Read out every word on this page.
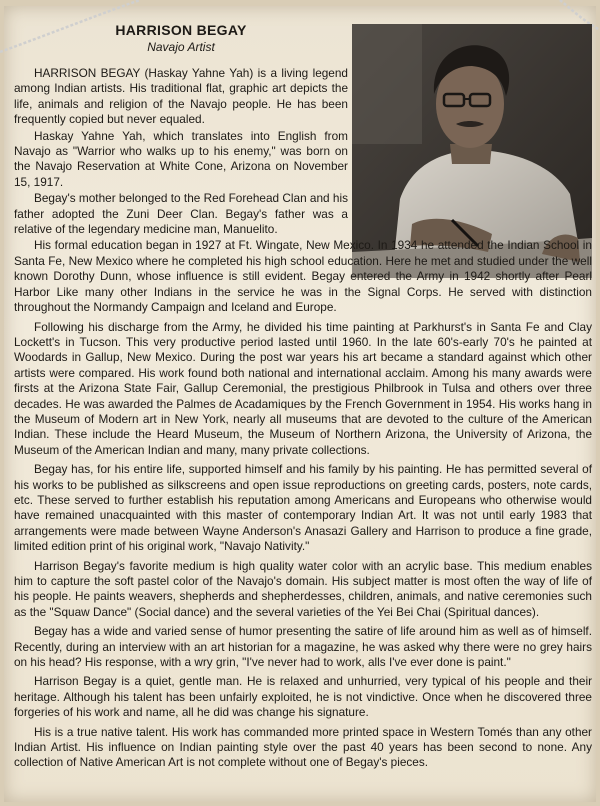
HARRISON BEGAY
Navajo Artist

HARRISON BEGAY (Haskay Yahne Yah) is a living legend among Indian artists. His traditional flat, graphic art depicts the life, animals and religion of the Navajo people. He has been frequently copied but never equaled.

Haskay Yahne Yah, which translates into English from Navajo as "Warrior who walks up to his enemy," was born on the Navajo Reservation at White Cone, Arizona on November 15, 1917.

Begay's mother belonged to the Red Forehead Clan and his father adopted the Zuni Deer Clan. Begay's father was a relative of the legendary medicine man, Manuelito.

His formal education began in 1927 at Ft. Wingate, New Mexico. In 1934 he attended the Indian School in Santa Fe, New Mexico where he completed his high school education. Here he met and studied under the well known Dorothy Dunn, whose influence is still evident. Begay entered the Army in 1942 shortly after Pearl Harbor Like many other Indians in the service he was in the Signal Corps. He served with distinction throughout the Normandy Campaign and Iceland and Europe.

Following his discharge from the Army, he divided his time painting at Parkhurst's in Santa Fe and Clay Lockett's in Tucson. This very productive period lasted until 1960. In the late 60's-early 70's he painted at Woodards in Gallup, New Mexico. During the post war years his art became a standard against which other artists were compared. His work found both national and international acclaim. Among his many awards were firsts at the Arizona State Fair, Gallup Ceremonial, the prestigious Philbrook in Tulsa and others over three decades. He was awarded the Palmes de Acadamiques by the French Government in 1954. His works hang in the Museum of Modern art in New York, nearly all museums that are devoted to the culture of the American Indian. These include the Heard Museum, the Museum of Northern Arizona, the University of Arizona, the Museum of the American Indian and many, many private collections.

Begay has, for his entire life, supported himself and his family by his painting. He has permitted several of his works to be published as silkscreens and open issue reproductions on greeting cards, posters, note cards, etc. These served to further establish his reputation among Americans and Europeans who otherwise would have remained unacquainted with this master of contemporary Indian Art. It was not until early 1983 that arrangements were made between Wayne Anderson's Anasazi Gallery and Harrison to produce a fine grade, limited edition print of his original work, "Navajo Nativity."

Harrison Begay's favorite medium is high quality water color with an acrylic base. This medium enables him to capture the soft pastel color of the Navajo's domain. His subject matter is most often the way of life of his people. He paints weavers, shepherds and shepherdesses, children, animals, and native ceremonies such as the "Squaw Dance" (Social dance) and the several varieties of the Yei Bei Chai (Spiritual dances).

Begay has a wide and varied sense of humor presenting the satire of life around him as well as of himself. Recently, during an interview with an art historian for a magazine, he was asked why there were no grey hairs on his head? His response, with a wry grin, "I've never had to work, alls I've ever done is paint."

Harrison Begay is a quiet, gentle man. He is relaxed and unhurried, very typical of his people and their heritage. Although his talent has been unfairly exploited, he is not vindictive. Once when he discovered three forgeries of his work and name, all he did was change his signature.

His is a true native talent. His work has commanded more printed space in Western Tomés than any other Indian Artist. His influence on Indian painting style over the past 40 years has been second to none. Any collection of Native American Art is not complete without one of Begay's pieces.
